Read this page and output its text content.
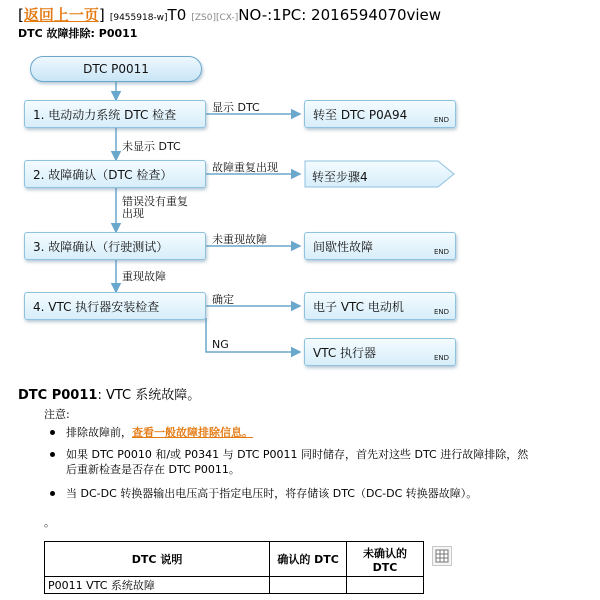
[返回上一页] [9455918-w]T0 [ZS0][CX-]NO-:1PC: 2016594070view
DTC 故障排除: P0011
DTC P0011
1. 电动动力系统 DTC 检查
2. 故障确认（DTC 检查）
3. 故障确认（行驶测试）
4. VTC 执行器安装检查
显示 DTC
故障重复出现
未重现故障
确定
NG
未显示 DTC
错误没有重复
出现
重现故障
转至 DTC P0A94	END
转至步骤4
间歇性故障	END
电子 VTC 电动机	END
VTC 执行器	END
DTC P0011: VTC 系统故障。
注意:
排除故障前，查看一般故障排除信息。
如果 DTC P0010 和/或 P0341 与 DTC P0011 同时储存，首先对这些 DTC 进行故障排除，然后重新检查是否存在 DTC P0011。
当 DC-DC 转换器输出电压高于指定电压时，将存储该 DTC（DC-DC 转换器故障）。
。
DTC 说明	确认的 DTC	未确认的 DTC
P0011 VTC 系统故障		
